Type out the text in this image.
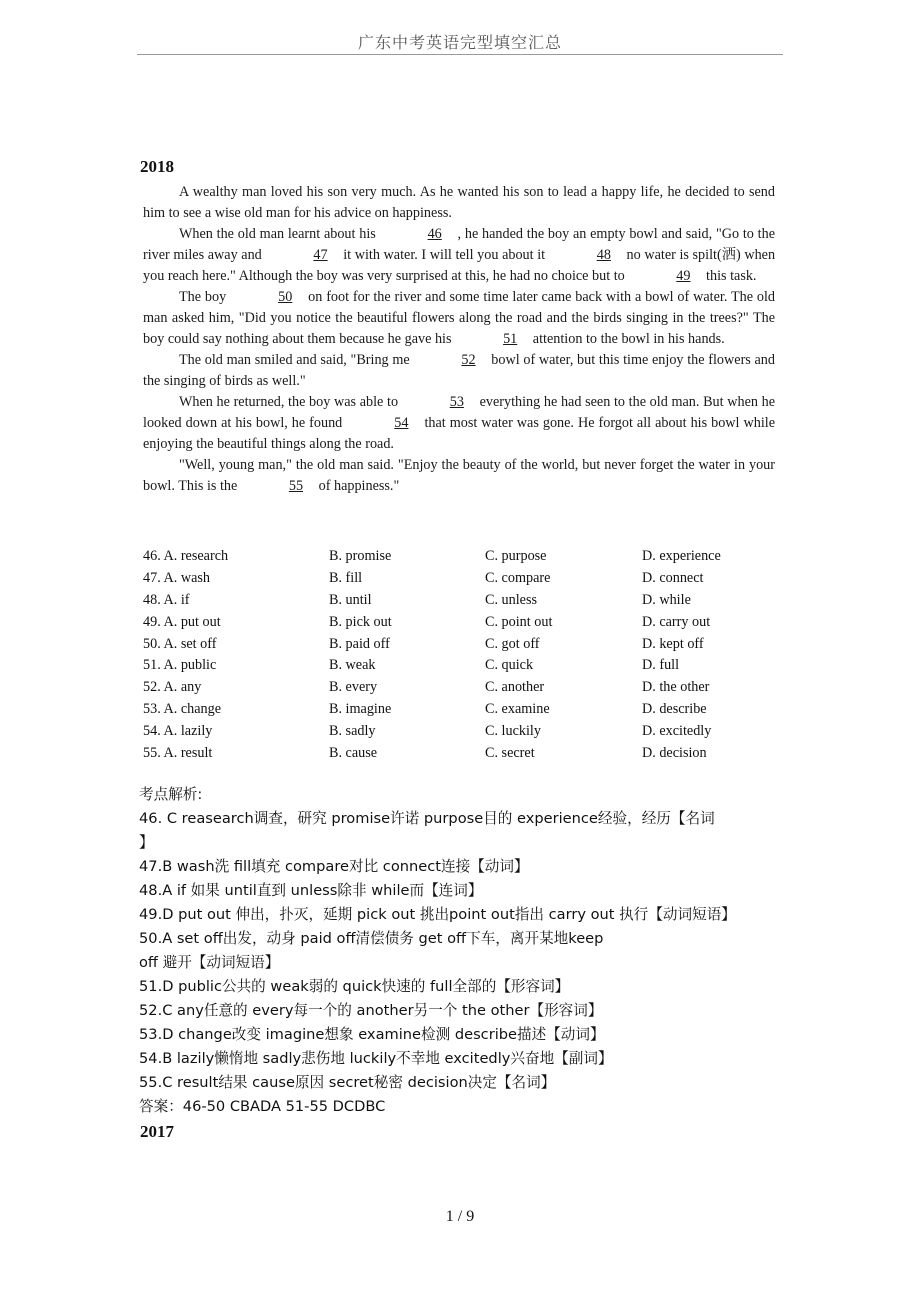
广东中考英语完型填空汇总
2018

A wealthy man loved his son very much. As he wanted his son to lead a happy life, he decided to send him to see a wise old man for his advice on happiness.

When the old man learnt about his	46 , he handed the boy an empty bowl and said, "Go to the river miles away and	47 it with water. I will tell you about it	48 no water is spilt(洒) when you reach here." Although the boy was very surprised at this, he had no choice but to	49 this task.

The boy	50 on foot for the river and some time later came back with a bowl of water. The old man asked him, "Did you notice the beautiful flowers along the road and the birds singing in the trees?" The boy could say nothing about them because he gave his	51 attention to the bowl in his hands.

The old man smiled and said, "Bring me	52 bowl of water, but this time enjoy the flowers and the singing of birds as well."

When he returned, the boy was able to	53 everything he had seen to the old man. But when he looked down at his bowl, he found	54 that most water was gone. He forgot all about his bowl while enjoying the beautiful things along the road.

"Well, young man," the old man said. "Enjoy the beauty of the world, but never forget the water in your bowl. This is the	55 of happiness."

46. A. research	B. promise	C. purpose	D. experience
47. A. wash	B. fill	C. compare	D. connect
48. A. if	B. until	C. unless	D. while
49. A. put out	B. pick out	C. point out	D. carry out
50. A. set off	B. paid off	C. got off	D. kept off
51. A. public	B. weak	C. quick	D. full
52. A. any	B. every	C. another	D. the other
53. A. change	B. imagine	C. examine	D. describe
54. A. lazily	B. sadly	C. luckily	D. excitedly
55. A. result	B. cause	C. secret	D. decision
考点解析:
46. C reasearch调查，研究 promise许诺 purpose目的 experience经验，经历【名词
】
47.B wash洗 fill填充 compare对比 connect连接【动词】
48.A if 如果 until直到 unless除非 while而【连词】
49.D put out 伸出，扑灭，延期 pick out 挑出point out指出 carry out 执行【动词短语】
50.A set off出发，动身 paid off清偿债务 get off下车，离开某地keep
off 避开【动词短语】
51.D public公共的 weak弱的 quick快速的 full全部的【形容词】
52.C any任意的 every每一个的 another另一个 the other【形容词】
53.D change改变 imagine想象 examine检测 describe描述【动词】
54.B lazily懒惰地 sadly悲伤地 luckily不幸地 excitedly兴奋地【副词】
55.C result结果 cause原因 secret秘密 decision决定【名词】
答案：46-50 CBADA 51-55 DCDBC
2017
1 / 9
